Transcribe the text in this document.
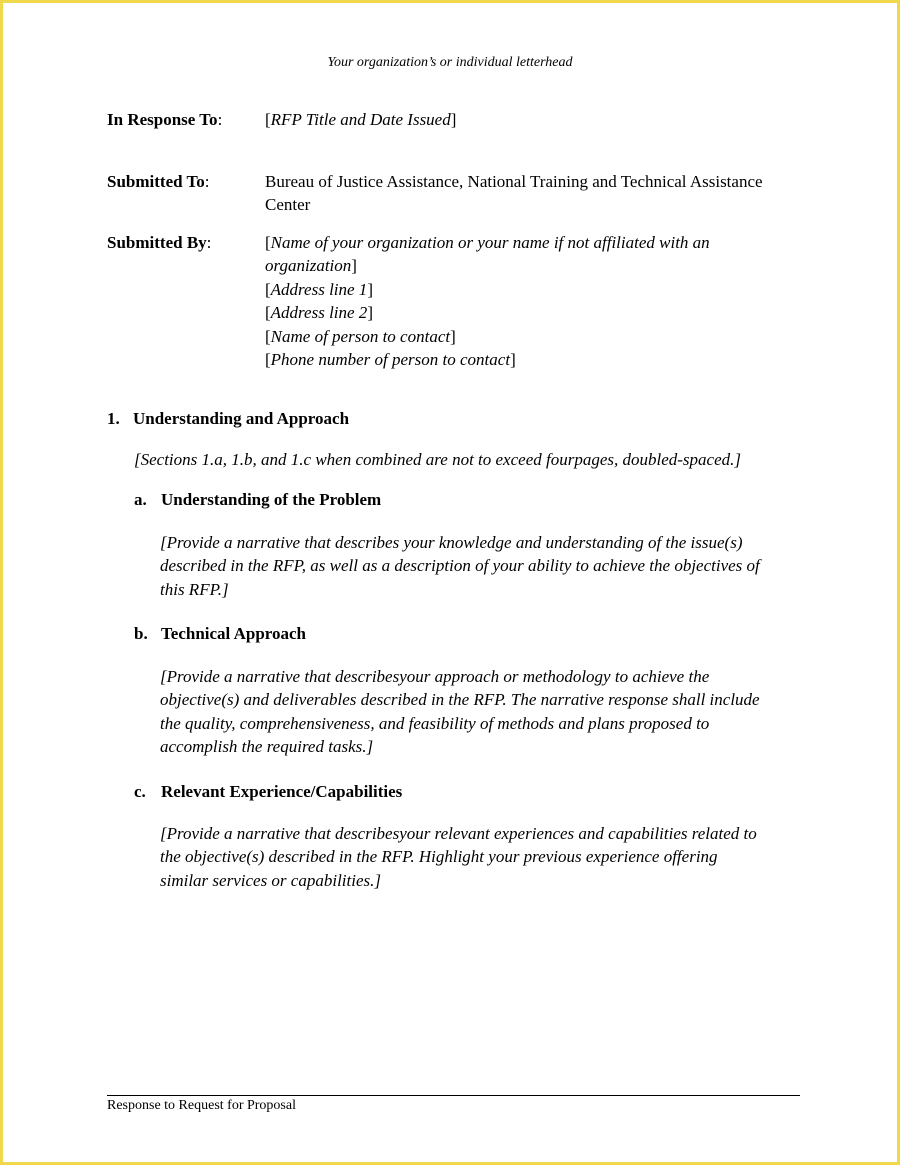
Your organization’s or individual letterhead
In Response To:	[RFP Title and Date Issued]
Submitted To:	Bureau of Justice Assistance, National Training and Technical Assistance Center
Submitted By:	[Name of your organization or your name if not affiliated with an
organization]
[Address line 1]
[Address line 2]
[Name of person to contact]
[Phone number of person to contact]
1. Understanding and Approach
[Sections 1.a, 1.b, and 1.c when combined are not to exceed fourpages, doubled-spaced.]
a. Understanding of the Problem
[Provide a narrative that describes your knowledge and understanding of the issue(s)
described in the RFP, as well as a description of your ability to achieve the objectives of
this RFP.]
b. Technical Approach
[Provide a narrative that describesyour approach or methodology to achieve the
objective(s) and deliverables described in the RFP. The narrative response shall include
the quality, comprehensiveness, and feasibility of methods and plans proposed to
accomplish the required tasks.]
c. Relevant Experience/Capabilities
[Provide a narrative that describesyour relevant experiences and capabilities related to
the objective(s) described in the RFP. Highlight your previous experience offering
similar services or capabilities.]
Response to Request for Proposal
